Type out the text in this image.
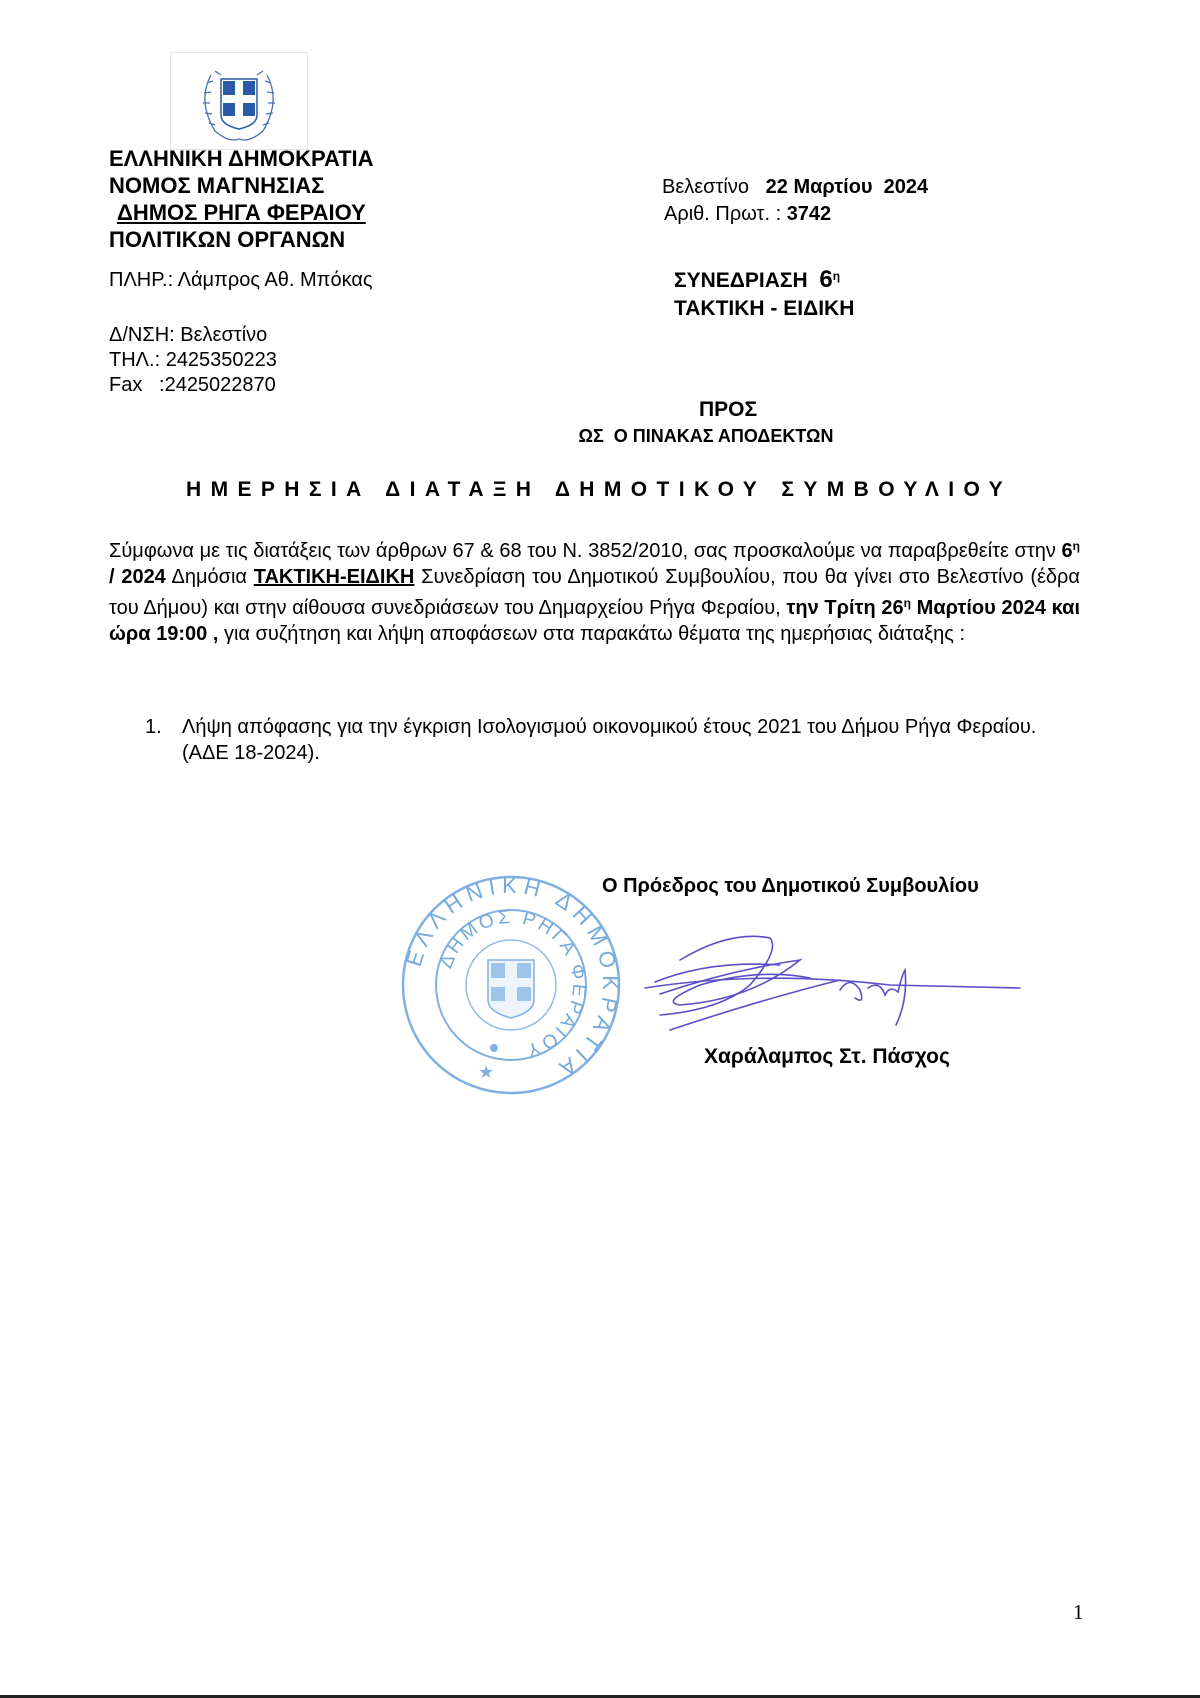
ΕΛΛΗΝΙΚΗ ΔΗΜΟΚΡΑΤΙΑ
ΝΟΜΟΣ ΜΑΓΝΗΣΙΑΣ
ΔΗΜΟΣ ΡΗΓΑ ΦΕΡΑΙΟΥ
ΠΟΛΙΤΙΚΩΝ ΟΡΓΑΝΩΝ
ΠΛΗΡ.: Λάμπρος Αθ. Μπόκας
Δ/ΝΣΗ: Βελεστίνο
ΤΗΛ.: 2425350223
Fax   :2425022870
Βελεστίνο 22 Μαρτίου  2024
Αριθ. Πρωτ. : 3742
ΣΥΝΕΔΡΙΑΣΗ $6^\eta$
ΤΑΚΤΙΚΗ - ΕΙΔΙΚΗ
ΠΡΟΣ
ΩΣ  Ο ΠΙΝΑΚΑΣ ΑΠΟΔΕΚΤΩΝ
ΗΜΕΡΗΣΙΑ ΔΙΑΤΑΞΗ ΔΗΜΟΤΙΚΟΥ ΣΥΜΒΟΥΛΙΟΥ
Σύμφωνα με τις διατάξεις των άρθρων 67 & 68 του Ν. 3852/2010, σας προσκαλούμε να παραβρεθείτε στην $6^\eta / 2024$ Δημόσια ΤΑΚΤΙΚΗ-ΕΙΔΙΚΗ Συνεδρίαση του Δημοτικού Συμβουλίου, που θα γίνει στο Βελεστίνο (έδρα του Δήμου) και στην αίθουσα συνεδριάσεων του Δημαρχείου Ρήγα Φεραίου, την Τρίτη $26^\eta$ Μαρτίου 2024 και ώρα 19:00 , για συζήτηση και λήψη αποφάσεων στα παρακάτω θέματα της ημερήσιας διάταξης :
1. Λήψη απόφασης για την έγκριση Ισολογισμού οικονομικού έτους 2021 του Δήμου Ρήγα Φεραίου. (ΑΔΕ 18-2024).
ΕΛΛΗΝΙΚΗ ΔΗΜΟΚΡΑΤΙΑ
ΔΗΜΟΣ ΡΗΓΑ ΦΕΡΑΙΟΥ
★
Ο Πρόεδρος του Δημοτικού Συμβουλίου
Χαράλαμπος Στ. Πάσχος
1
